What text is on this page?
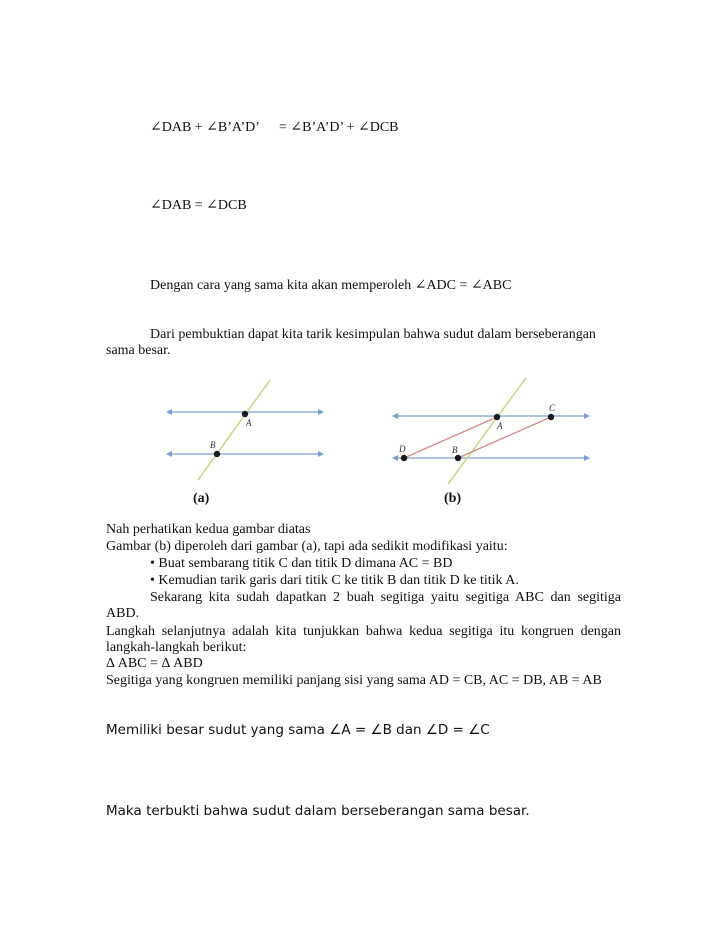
∠DAB + ∠B’A’D’ = ∠B’A’D’ + ∠DCB
∠DAB = ∠DCB
Dengan cara yang sama kita akan memperoleh ∠ADC = ∠ABC
Dari pembuktian dapat kita tarik kesimpulan bahwa sudut dalam berseberangan
sama besar.
A
B
A
B
C
D
(a)	(b)
Nah perhatikan kedua gambar diatas
Gambar (b) diperoleh dari gambar (a), tapi ada sedikit modifikasi yaitu:
• Buat sembarang titik C dan titik D dimana AC = BD
• Kemudian tarik garis dari titik C ke titik B dan titik D ke titik A.
Sekarang kita sudah dapatkan 2 buah segitiga yaitu segitiga ABC dan segitiga ABD.
Langkah selanjutnya adalah kita tunjukkan bahwa kedua segitiga itu kongruen dengan langkah-langkah berikut:
Δ ABC = Δ ABD
Segitiga yang kongruen memiliki panjang sisi yang sama AD = CB, AC = DB, AB = AB
Memiliki besar sudut yang sama ∠A = ∠B dan ∠D = ∠C
Maka terbukti bahwa sudut dalam berseberangan sama besar.
